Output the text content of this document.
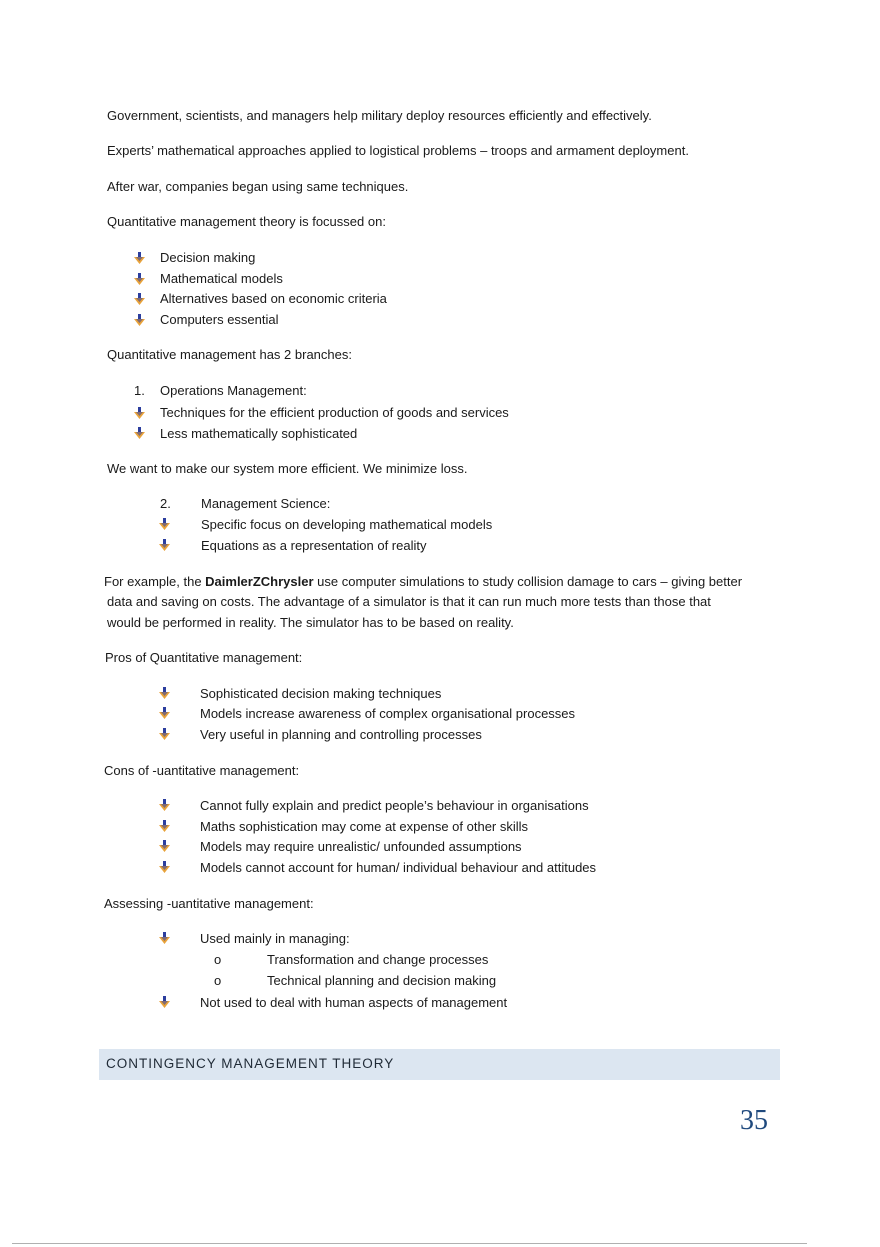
Government, scientists, and managers help military deploy resources efficiently and effectively.
Experts’ mathematical approaches applied to logistical problems – troops and armament deployment.
After war, companies began using same techniques.
Quantitative management theory is focussed on:
Decision making
Mathematical models
Alternatives based on economic criteria
Computers essential
Quantitative management has 2 branches:
1. Operations Management:
Techniques for the efficient production of goods and services
Less mathematically sophisticated
We want to make our system more efficient. We minimize loss.
2. Management Science:
Specific focus on developing mathematical models
Equations as a representation of reality
For example, the DaimlerZChrysler use computer simulations to study collision damage to cars – giving better
data and saving on costs. The advantage of a simulator is that it can run much more tests than those that
would be performed in reality. The simulator has to be based on reality.
Pros of Quantitative management:
Sophisticated decision making techniques
Models increase awareness of complex organisational processes
Very useful in planning and controlling processes
Cons of -uantitative management:
Cannot fully explain and predict people’s behaviour in organisations
Maths sophistication may come at expense of other skills
Models may require unrealistic/ unfounded assumptions
Models cannot account for human/ individual behaviour and attitudes
Assessing -uantitative management:
Used mainly in managing:
o	Transformation and change processes
o	Technical planning and decision making
Not used to deal with human aspects of management
CONTINGENCY MANAGEMENT THEORY
35
